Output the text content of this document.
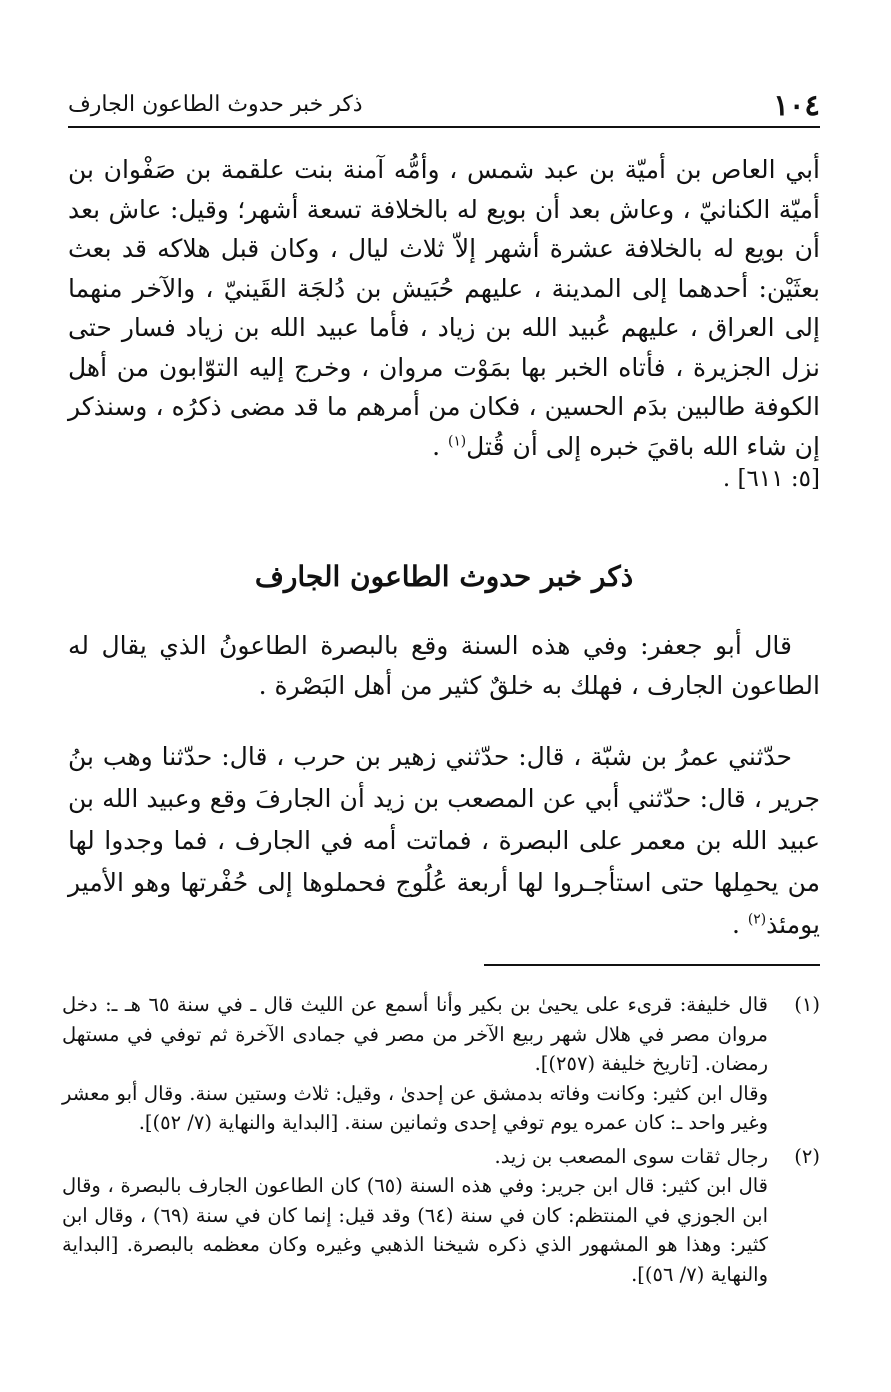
١٠٤
ذكر خبر حدوث الطاعون الجارف
أبي العاص بن أميّة بن عبد شمس ، وأمُّه آمنة بنت علقمة بن صَفْوان بن أميّة الكنانيّ ، وعاش بعد أن بويع له بالخلافة تسعة أشهر؛ وقيل: عاش بعد أن بويع له بالخلافة عشرة أشهر إلاّ ثلاث ليال ، وكان قبل هلاكه قد بعث بعثَيْن: أحدهما إلى المدينة ، عليهم حُبَيش بن دُلجَة القَينيّ ، والآخر منهما إلى العراق ، عليهم عُبيد الله بن زياد ، فأما عبيد الله بن زياد فسار حتى نزل الجزيرة ، فأتاه الخبر بها بمَوْت مروان ، وخرج إليه التوّابون من أهل الكوفة طالبين بدَم الحسين ، فكان من أمرهم ما قد مضى ذكرُه ، وسنذكر إن شاء الله باقيَ خبره إلى أن قُتل$^{(١)}$ .
[٥: ٦١١] .
ذكر خبر حدوث الطاعون الجارف
قال أبو جعفر: وفي هذه السنة وقع بالبصرة الطاعونُ الذي يقال له الطاعون الجارف ، فهلك به خلقٌ كثير من أهل البَصْرة .
حدّثني عمرُ بن شبّة ، قال: حدّثني زهير بن حرب ، قال: حدّثنا وهب بنُ جرير ، قال: حدّثني أبي عن المصعب بن زيد أن الجارفَ وقع وعبيد الله بن عبيد الله بن معمر على البصرة ، فماتت أمه في الجارف ، فما وجدوا لها من يحمِلها حتى استأجـروا لها أربعة عُلُوج فحملوها إلى حُفْرتها وهو الأمير يومئذ$^{(٢)}$ .
(١)

قال خليفة: قرىء على يحيىٰ بن بكير وأنا أسمع عن الليث قال ـ في سنة ٦٥ هـ ـ: دخل مروان مصر في هلال شهر ربيع الآخر من مصر في جمادى الآخرة ثم توفي في مستهل رمضان. [تاريخ خليفة (٢٥٧)].

وقال ابن كثير: وكانت وفاته بدمشق عن إحدىٰ ، وقيل: ثلاث وستين سنة. وقال أبو معشر وغير واحد ـ: كان عمره يوم توفي إحدى وثمانين سنة. [البداية والنهاية (٧/ ٥٢)].

(٢)

رجال ثقات سوى المصعب بن زيد.

قال ابن كثير: قال ابن جرير: وفي هذه السنة (٦٥) كان الطاعون الجارف بالبصرة ، وقال ابن الجوزي في المنتظم: كان في سنة (٦٤) وقد قيل: إنما كان في سنة (٦٩) ، وقال ابن كثير: وهذا هو المشهور الذي ذكره شيخنا الذهبي وغيره وكان معظمه بالبصرة. [البداية والنهاية (٧/ ٥٦)].
